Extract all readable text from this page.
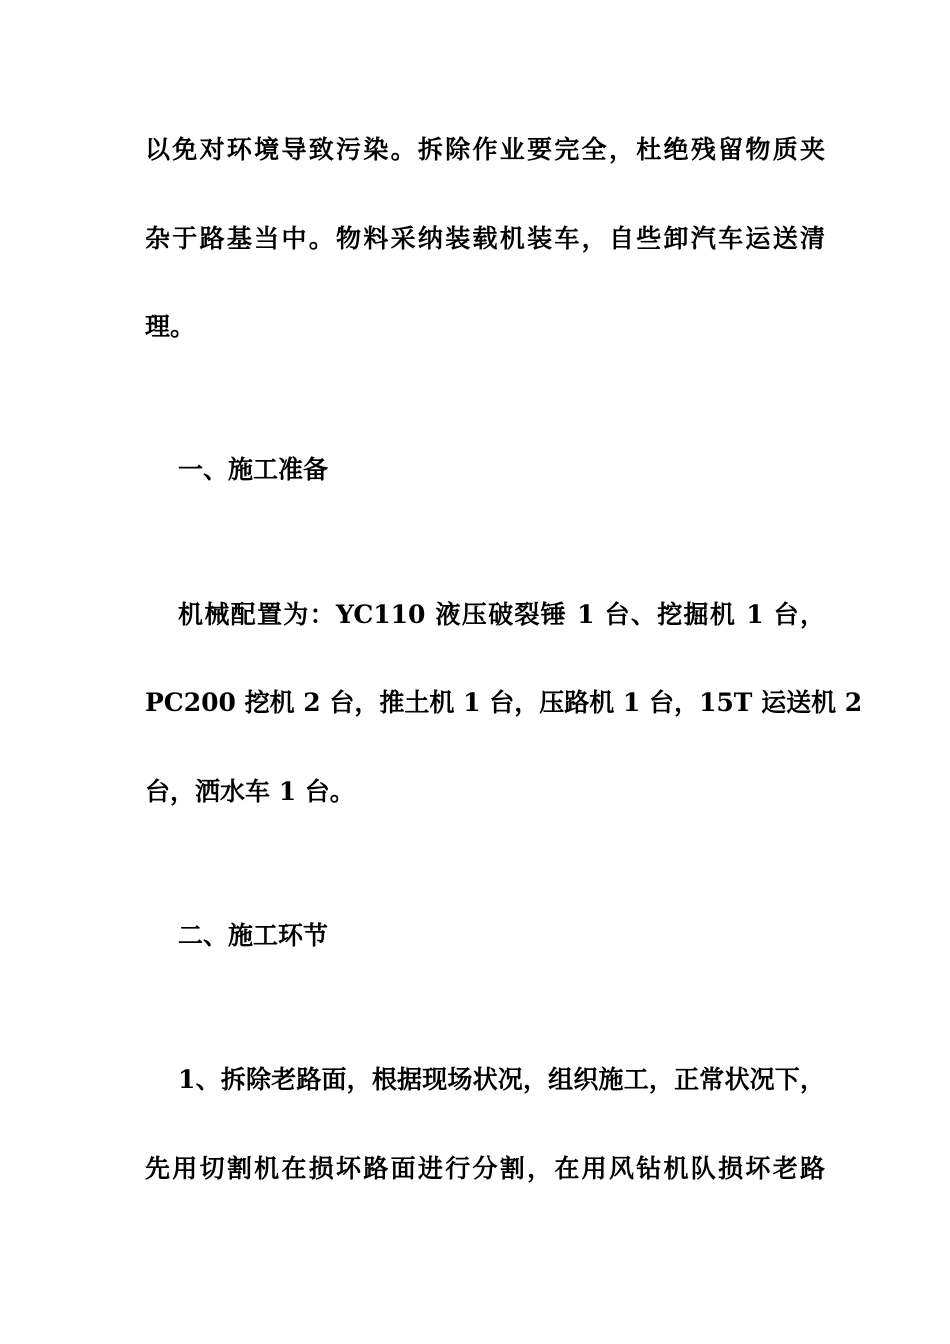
以免对环境导致污染。拆除作业要完全，杜绝残留物质夹
杂于路基当中。物料采纳装载机装车，自些卸汽车运送清
理。
一、施工准备
机械配置为：YC110 液压破裂锤 1 台、挖掘机 1 台，
PC200 挖机 2 台，推土机 1 台，压路机 1 台，15T 运送机 2
台，洒水车 1 台。
二、施工环节
1、拆除老路面，根据现场状况，组织施工，正常状况下，
先用切割机在损坏路面进行分割，在用风钻机队损坏老路
